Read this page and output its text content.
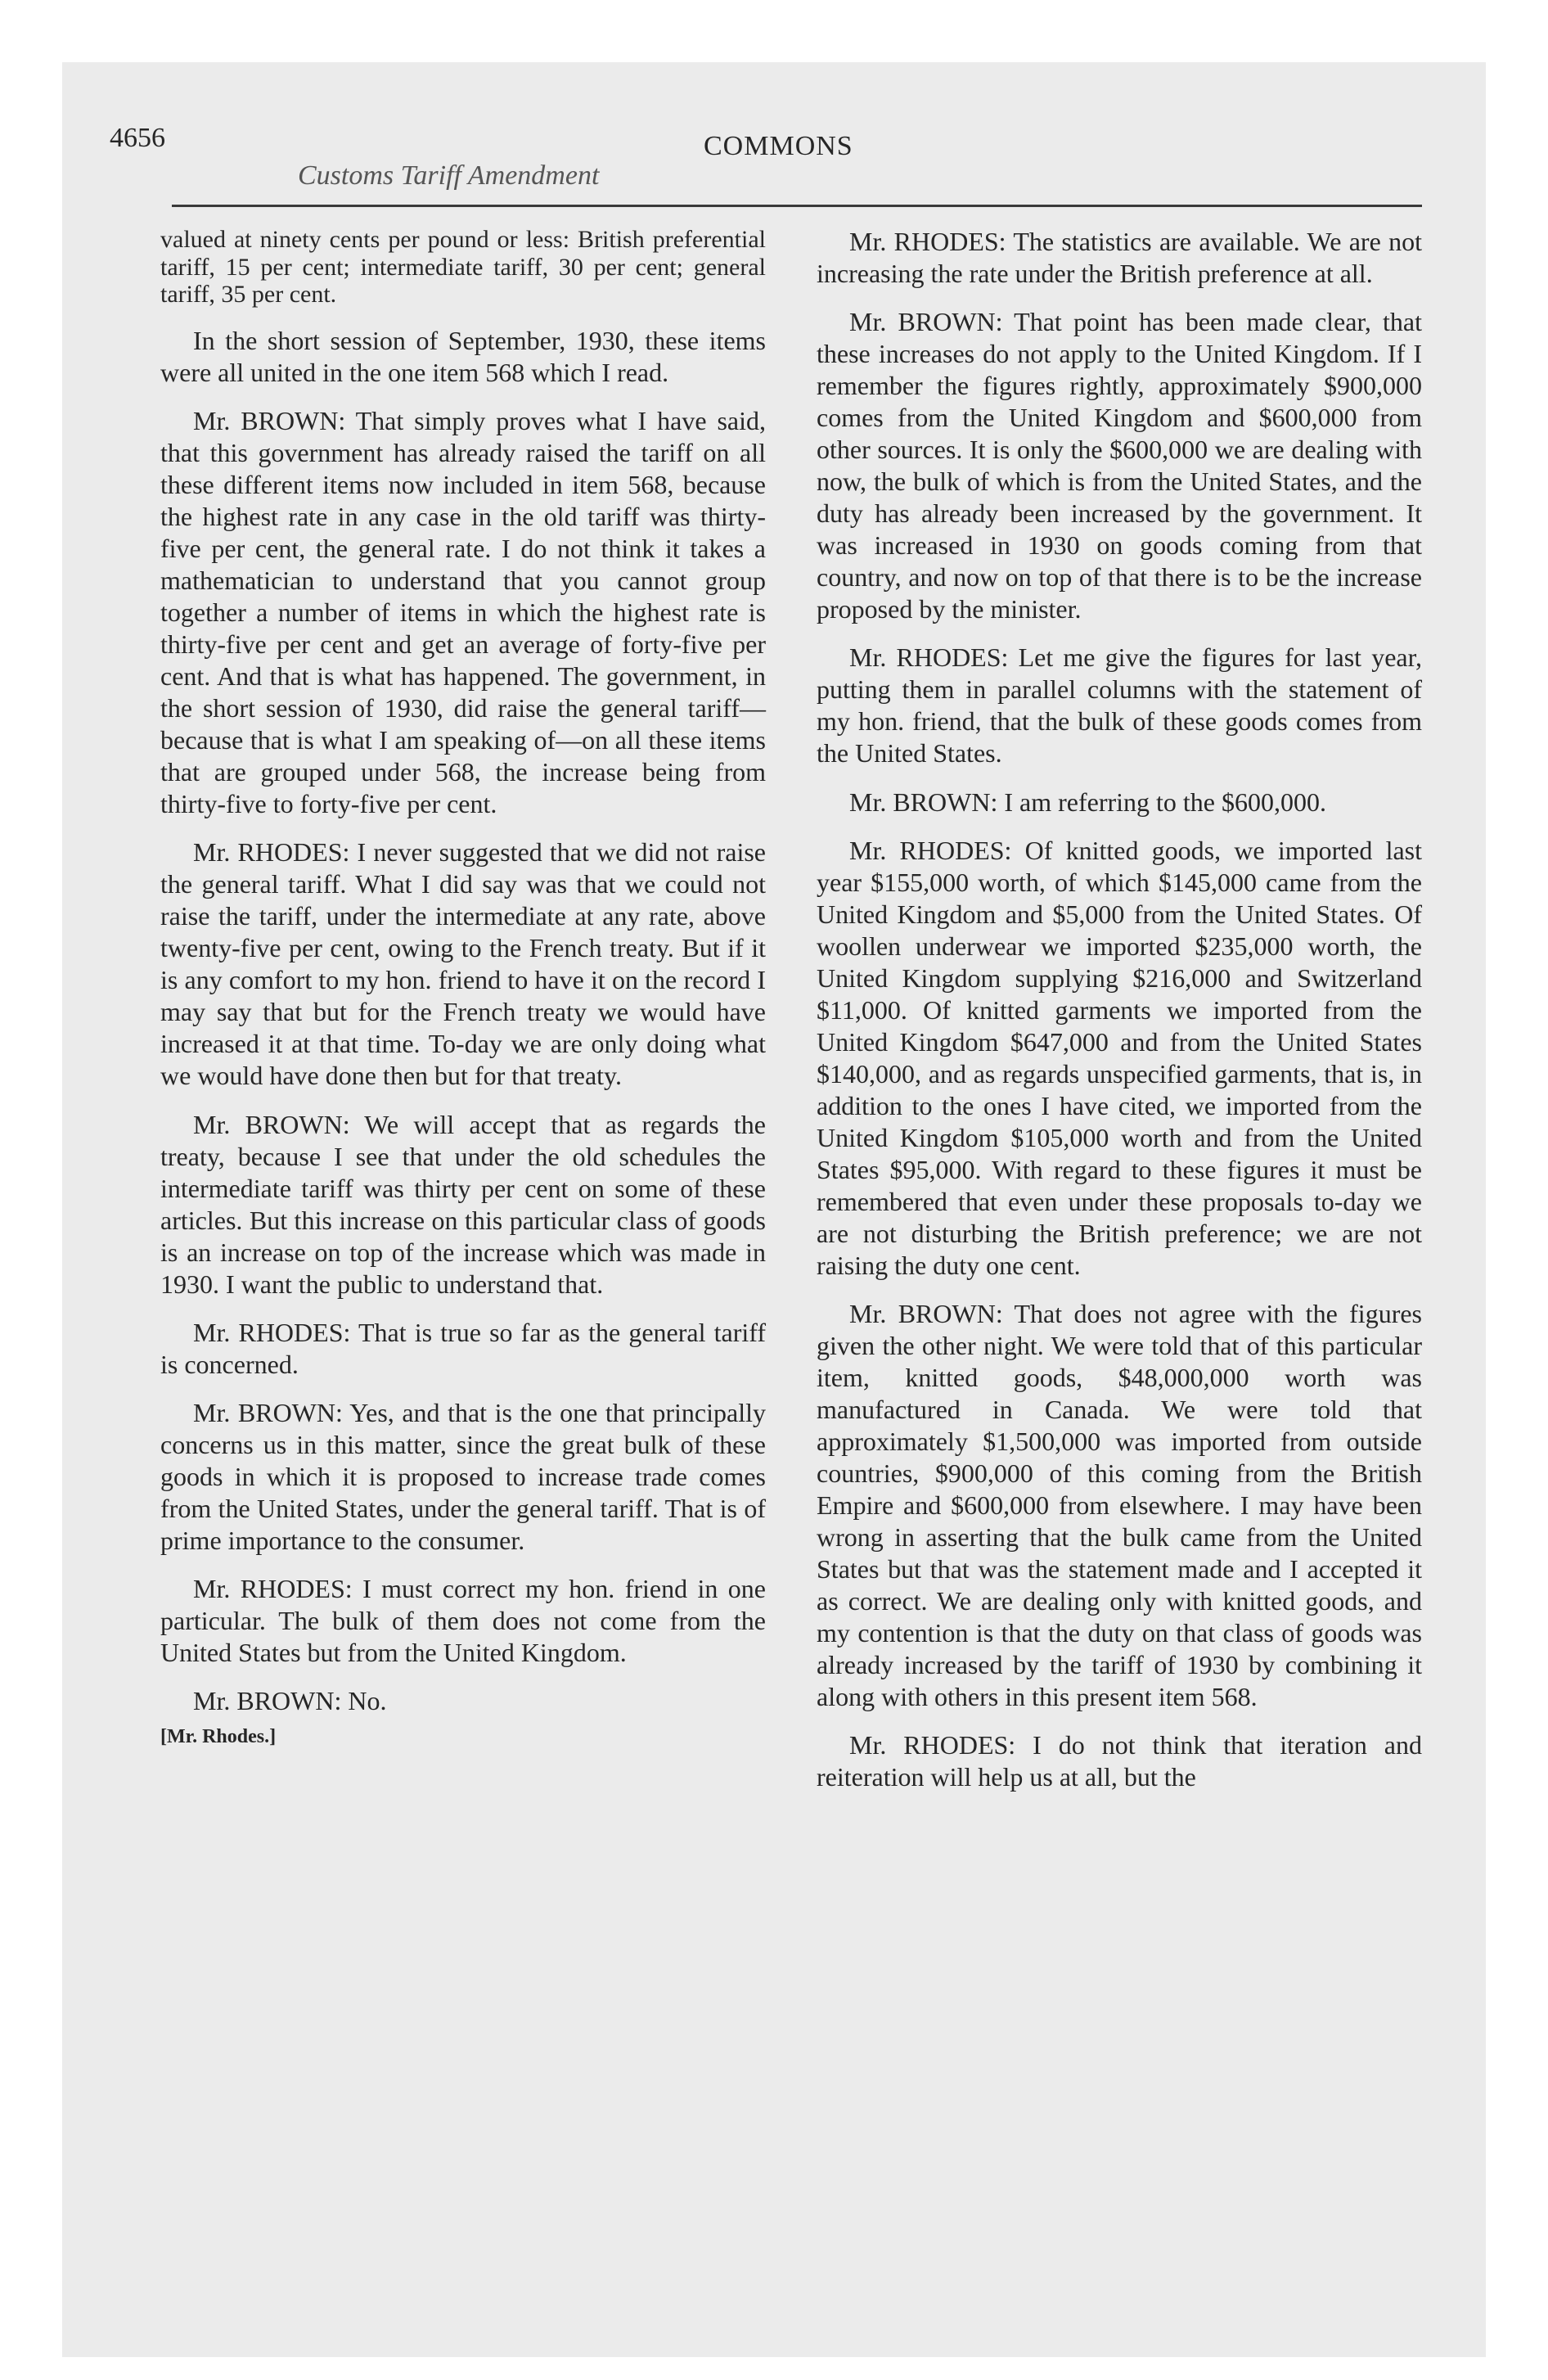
4656	COMMONS
Customs Tariff Amendment

valued at ninety cents per pound or less: British preferential tariff, 15 per cent; intermediate tariff, 30 per cent; general tariff, 35 per cent.

In the short session of September, 1930, these items were all united in the one item 568 which I read.

Mr. BROWN: That simply proves what I have said, that this government has already raised the tariff on all these different items now included in item 568, because the highest rate in any case in the old tariff was thirty-five per cent, the general rate. I do not think it takes a mathematician to understand that you cannot group together a number of items in which the highest rate is thirty-five per cent and get an average of forty-five per cent. And that is what has happened. The government, in the short session of 1930, did raise the general tariff—because that is what I am speaking of—on all these items that are grouped under 568, the increase being from thirty-five to forty-five per cent.

Mr. RHODES: I never suggested that we did not raise the general tariff. What I did say was that we could not raise the tariff, under the intermediate at any rate, above twenty-five per cent, owing to the French treaty. But if it is any comfort to my hon. friend to have it on the record I may say that but for the French treaty we would have increased it at that time. To-day we are only doing what we would have done then but for that treaty.

Mr. BROWN: We will accept that as regards the treaty, because I see that under the old schedules the intermediate tariff was thirty per cent on some of these articles. But this increase on this particular class of goods is an increase on top of the increase which was made in 1930. I want the public to understand that.

Mr. RHODES: That is true so far as the general tariff is concerned.

Mr. BROWN: Yes, and that is the one that principally concerns us in this matter, since the great bulk of these goods in which it is proposed to increase trade comes from the United States, under the general tariff. That is of prime importance to the consumer.

Mr. RHODES: I must correct my hon. friend in one particular. The bulk of them does not come from the United States but from the United Kingdom.

Mr. BROWN: No.

[Mr. Rhodes.]

Mr. RHODES: The statistics are available. We are not increasing the rate under the British preference at all.

Mr. BROWN: That point has been made clear, that these increases do not apply to the United Kingdom. If I remember the figures rightly, approximately $900,000 comes from the United Kingdom and $600,000 from other sources. It is only the $600,000 we are dealing with now, the bulk of which is from the United States, and the duty has already been increased by the government. It was increased in 1930 on goods coming from that country, and now on top of that there is to be the increase proposed by the minister.

Mr. RHODES: Let me give the figures for last year, putting them in parallel columns with the statement of my hon. friend, that the bulk of these goods comes from the United States.

Mr. BROWN: I am referring to the $600,000.

Mr. RHODES: Of knitted goods, we imported last year $155,000 worth, of which $145,000 came from the United Kingdom and $5,000 from the United States. Of woollen underwear we imported $235,000 worth, the United Kingdom supplying $216,000 and Switzerland $11,000. Of knitted garments we imported from the United Kingdom $647,000 and from the United States $140,000, and as regards unspecified garments, that is, in addition to the ones I have cited, we imported from the United Kingdom $105,000 worth and from the United States $95,000. With regard to these figures it must be remembered that even under these proposals to-day we are not disturbing the British preference; we are not raising the duty one cent.

Mr. BROWN: That does not agree with the figures given the other night. We were told that of this particular item, knitted goods, $48,000,000 worth was manufactured in Canada. We were told that approximately $1,500,000 was imported from outside countries, $900,000 of this coming from the British Empire and $600,000 from elsewhere. I may have been wrong in asserting that the bulk came from the United States but that was the statement made and I accepted it as correct. We are dealing only with knitted goods, and my contention is that the duty on that class of goods was already increased by the tariff of 1930 by combining it along with others in this present item 568.

Mr. RHODES: I do not think that iteration and reiteration will help us at all, but the
